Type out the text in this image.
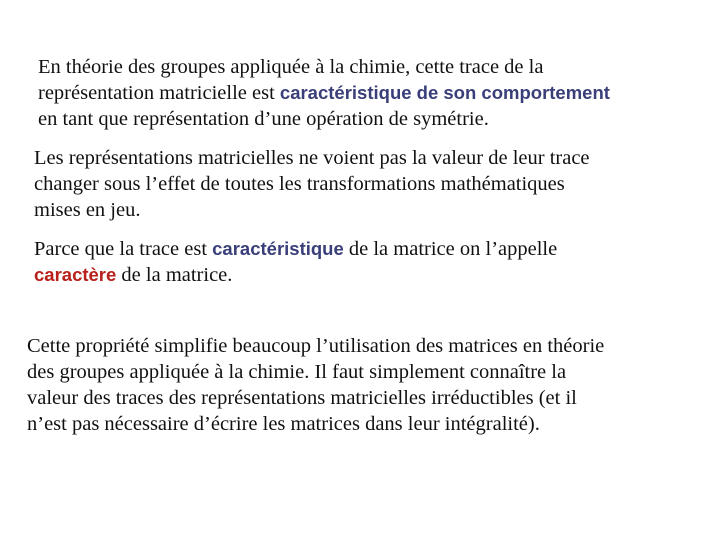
En théorie des groupes appliquée à la chimie, cette trace de la
représentation matricielle est caractéristique de son comportement
en tant que représentation d’une opération de symétrie.
Les représentations matricielles ne voient pas la valeur de leur trace
changer sous l’effet de toutes les transformations mathématiques
mises en jeu.
Parce que la trace est caractéristique de la matrice on l’appelle
caractère de la matrice.
Cette propriété simplifie beaucoup l’utilisation des matrices en théorie
des groupes appliquée à la chimie. Il faut simplement connaître la
valeur des traces des représentations matricielles irréductibles (et il
n’est pas nécessaire d’écrire les matrices dans leur intégralité).
